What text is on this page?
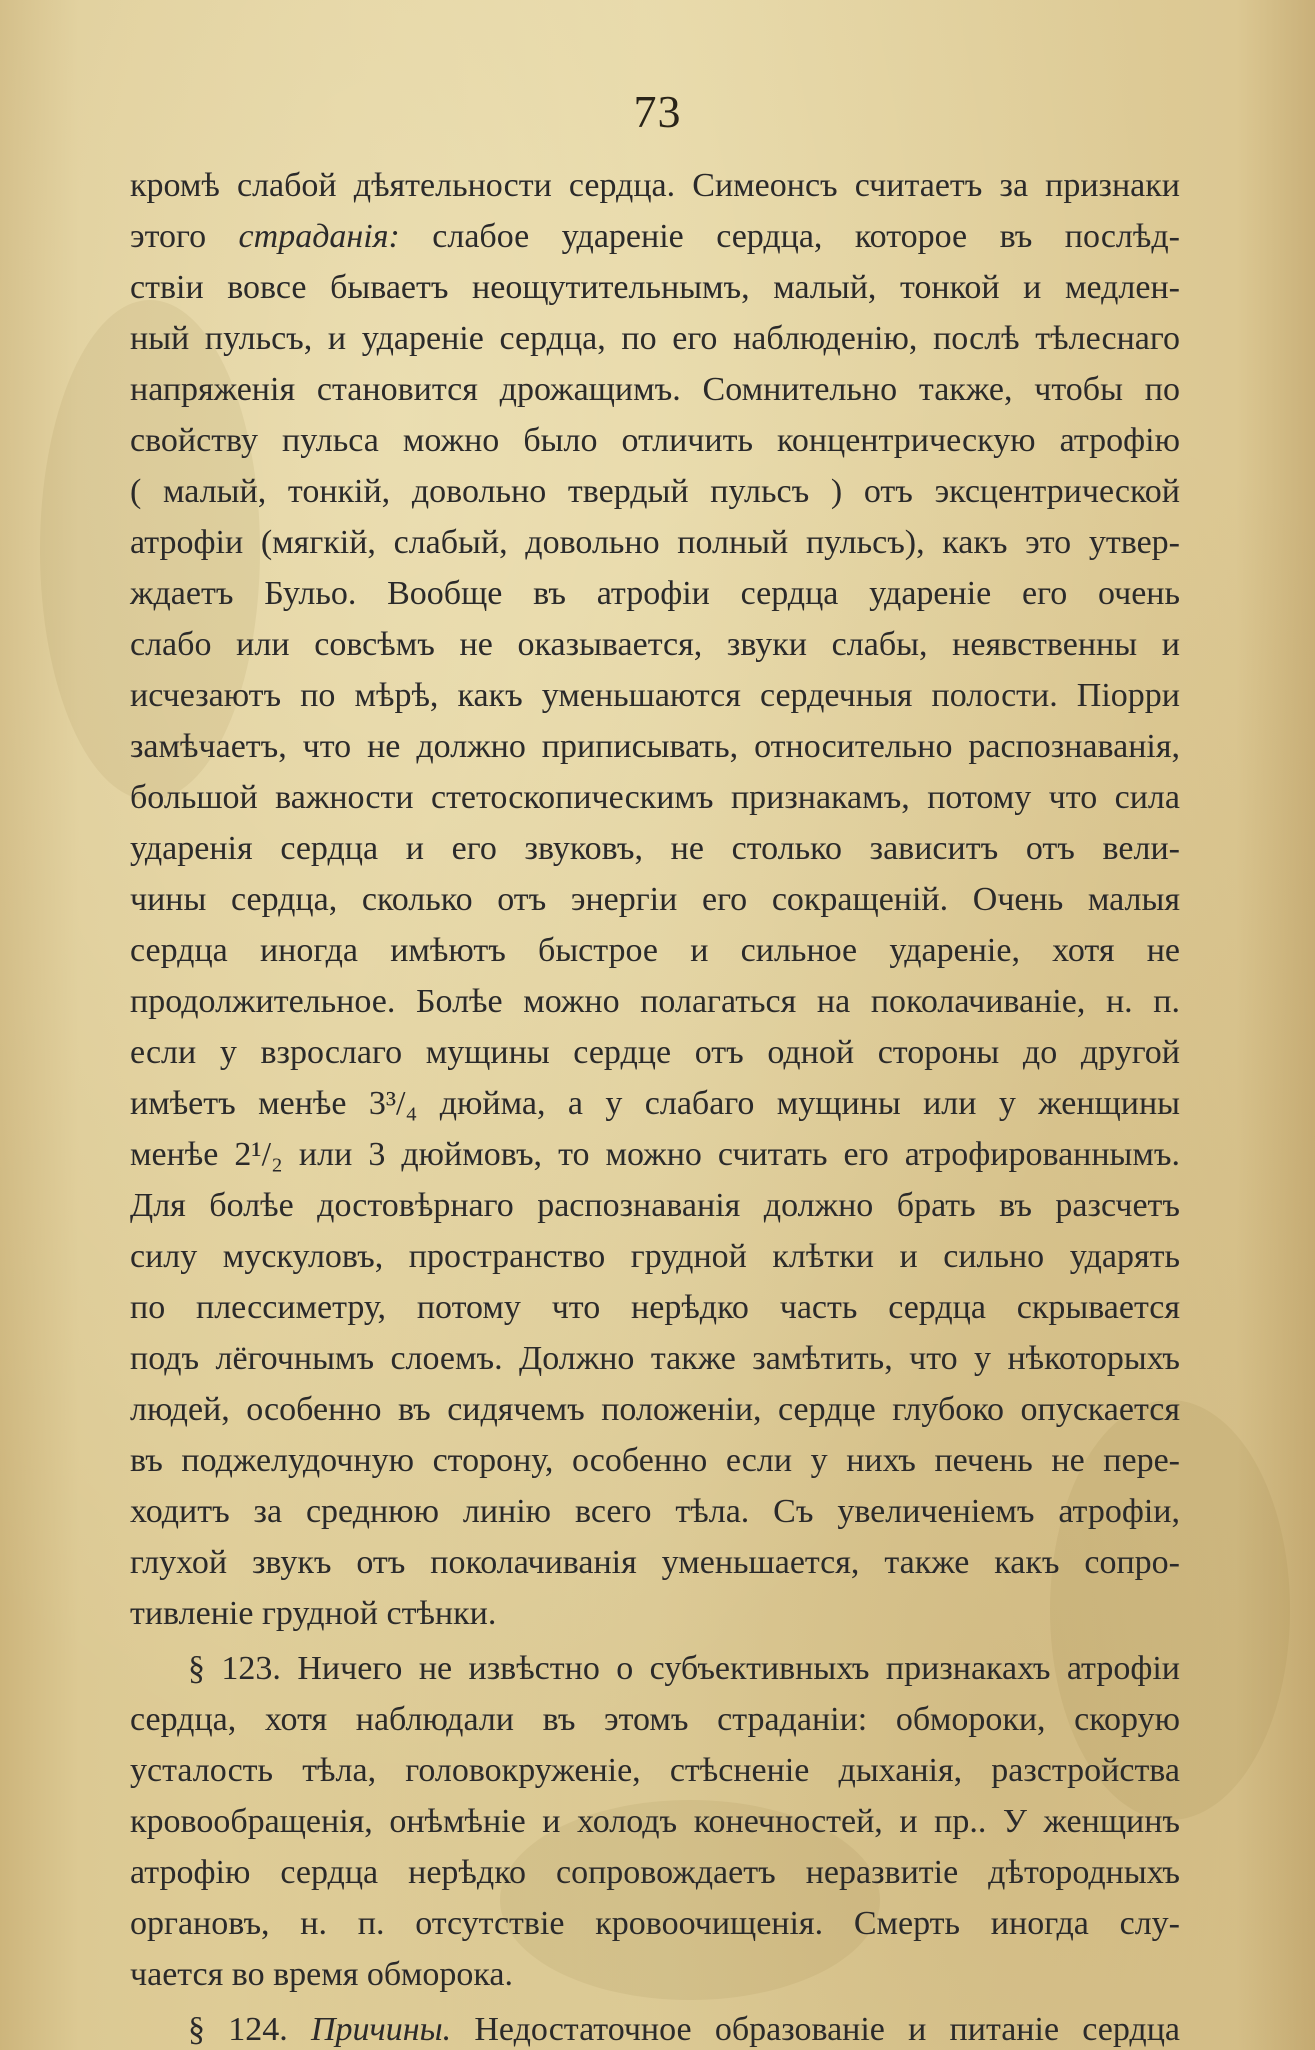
73
кромѣ слабой дѣятельности сердца. Симеонсъ считаетъ за признаки
этого страданія: слабое ударенiе сердца, которое въ послѣд-
ствіи вовсе бываетъ неощутительнымъ, малый, тонкой и медлен-
ный пульсъ, и ударенiе сердца, по его наблюденію, послѣ тѣлеснаго
напряженія становится дрожащимъ. Сомнительно также, чтобы по
свойству пульса можно было отличить концентрическую атрофію
( малый, тонкій, довольно твердый пульсъ ) отъ эксцентрической
атрофіи (мягкій, слабый, довольно полный пульсъ), какъ это утвер-
ждаетъ Бульо. Вообще въ атрофіи сердца удареніе его очень
слабо или совсѣмъ не оказывается, звуки слабы, неявственны и
исчезаютъ по мѣрѣ, какъ уменьшаются сердечныя полости. Піорри
замѣчаетъ, что не должно приписывать, относительно распознаванія,
большой важности стетоскопическимъ признакамъ, потому что сила
ударенія сердца и его звуковъ, не столько зависитъ отъ вели-
чины сердца, сколько отъ энергіи его сокращеній. Очень малыя
сердца иногда имѣютъ быстрое и сильное удареніе, хотя не
продолжительное. Болѣе можно полагаться на поколачиваніе, н. п.
если у взрослаго мущины сердце отъ одной стороны до другой
имѣетъ менѣе 3³/₄ дюйма, а у слабаго мущины или у женщины
менѣе 2¹/₂ или 3 дюймовъ, то можно считать его атрофированнымъ.
Для болѣе достовѣрнаго распознаванія должно брать въ разсчетъ
силу мускуловъ, пространство грудной клѣтки и сильно ударять
по плессиметру, потому что нерѣдко часть сердца скрывается
подъ лёгочнымъ слоемъ. Должно также замѣтить, что у нѣкоторыхъ
людей, особенно въ сидячемъ положеніи, сердце глубоко опускается
въ поджелудочную сторону, особенно если у нихъ печень не пере-
ходитъ за среднюю линію всего тѣла. Съ увеличеніемъ атрофіи,
глухой звукъ отъ поколачиванія уменьшается, также какъ сопро-
тивленіе грудной стѣнки.
§ 123. Ничего не извѣстно о субъективныхъ признакахъ атрофіи
сердца, хотя наблюдали въ этомъ страданіи: обмороки, скорую
усталость тѣла, головокруженіе, стѣсненіе дыханія, разстройства
кровообращенія, онѣмѣніе и холодъ конечностей, и пр.. У женщинъ
атрофію сердца нерѣдко сопровождаетъ неразвитіе дѣтородныхъ
органовъ, н. п. отсутствіе кровоочищенія. Смерть иногда слу-
чается во время обморока.
§ 124. Причины. Недостаточное образованіе и питаніе сердца
